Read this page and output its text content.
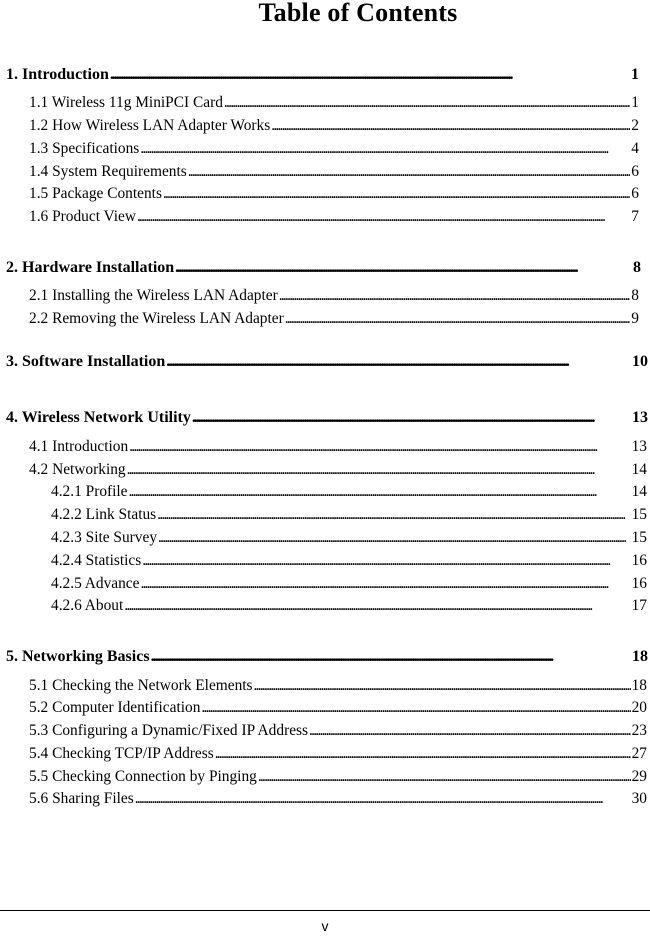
Table of Contents
1. Introduction . . .	1
1.1 Wireless 11g MiniPCI Card . . .	1
1.2 How Wireless LAN Adapter Works . . .	2
1.3 Specifications . . .	4
1.4 System Requirements . . .	6
1.5 Package Contents . . .	6
1.6 Product View . . .	7
2. Hardware Installation . . .	8
2.1 Installing the Wireless LAN Adapter . . .	8
2.2 Removing the Wireless LAN Adapter . . .	9
3. Software Installation . . .	10
4. Wireless Network Utility . . .	13
4.1 Introduction . . .	13
4.2 Networking . . .	14
4.2.1 Profile . . .	14
4.2.2 Link Status . . .	15
4.2.3 Site Survey . . .	15
4.2.4 Statistics . . .	16
4.2.5 Advance . . .	16
4.2.6 About . . .	17
5. Networking Basics . . .	18
5.1 Checking the Network Elements . . .	18
5.2 Computer Identification . . .	20
5.3 Configuring a Dynamic/Fixed IP Address . . .	23
5.4 Checking TCP/IP Address . . .	27
5.5 Checking Connection by Pinging . . .	29
5.6 Sharing Files . . .	30
v
